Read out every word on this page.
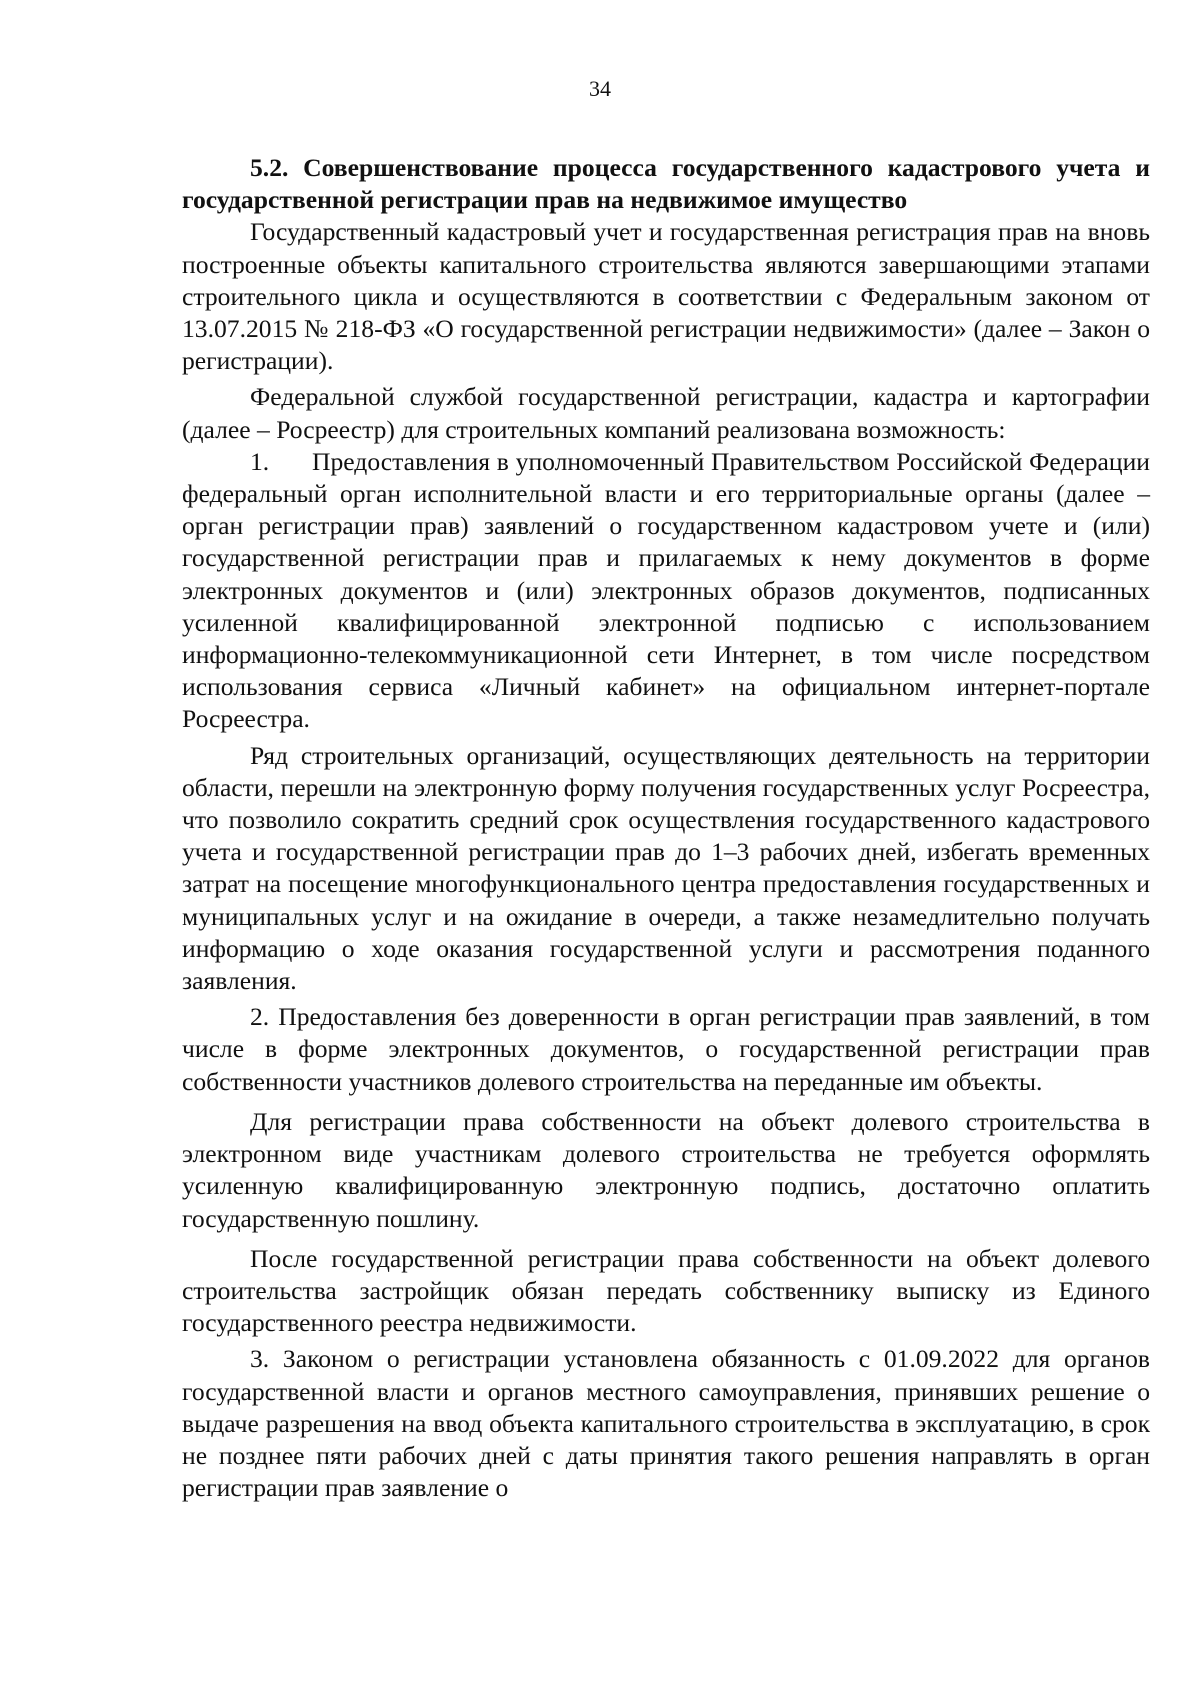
34

5.2. Совершенствование процесса государственного кадастрового учета и государственной регистрации прав на недвижимое имущество

Государственный кадастровый учет и государственная регистрация прав на вновь построенные объекты капитального строительства являются завершающими этапами строительного цикла и осуществляются в соответствии с Федеральным законом от 13.07.2015 № 218-ФЗ «О государственной регистрации недвижимости» (далее – Закон о регистрации).

Федеральной службой государственной регистрации, кадастра и картографии (далее – Росреестр) для строительных компаний реализована возможность:

1. Предоставления в уполномоченный Правительством Российской Федерации федеральный орган исполнительной власти и его территориальные органы (далее – орган регистрации прав) заявлений о государственном кадастровом учете и (или) государственной регистрации прав и прилагаемых к нему документов в форме электронных документов и (или) электронных образов документов, подписанных усиленной квалифицированной электронной подписью с использованием информационно-телекоммуникационной сети Интернет, в том числе посредством использования сервиса «Личный кабинет» на официальном интернет-портале Росреестра.

Ряд строительных организаций, осуществляющих деятельность на территории области, перешли на электронную форму получения государственных услуг Росреестра, что позволило сократить средний срок осуществления государственного кадастрового учета и государственной регистрации прав до 1–3 рабочих дней, избегать временных затрат на посещение многофункционального центра предоставления государственных и муниципальных услуг и на ожидание в очереди, а также незамедлительно получать информацию о ходе оказания государственной услуги и рассмотрения поданного заявления.

2. Предоставления без доверенности в орган регистрации прав заявлений, в том числе в форме электронных документов, о государственной регистрации прав собственности участников долевого строительства на переданные им объекты.

Для регистрации права собственности на объект долевого строительства в электронном виде участникам долевого строительства не требуется оформлять усиленную квалифицированную электронную подпись, достаточно оплатить государственную пошлину.

После государственной регистрации права собственности на объект долевого строительства застройщик обязан передать собственнику выписку из Единого государственного реестра недвижимости.

3. Законом о регистрации установлена обязанность с 01.09.2022 для органов государственной власти и органов местного самоуправления, принявших решение о выдаче разрешения на ввод объекта капитального строительства в эксплуатацию, в срок не позднее пяти рабочих дней с даты принятия такого решения направлять в орган регистрации прав заявление о
